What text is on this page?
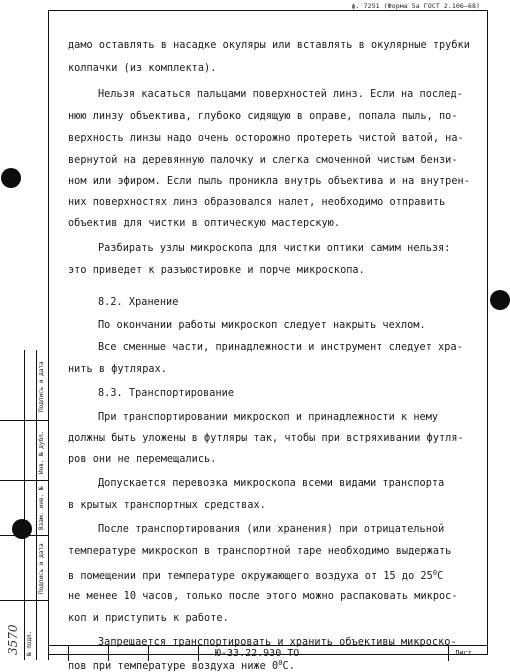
ф. 7251 (Форма 5а ГОСТ 2.106—68)
Подпись и дата
Инв. № дубл.
Взам. инв. №
Подпись и дата
№ подл.
3570
дамо оставлять в насадке окуляры или вставлять в окулярные трубки
колпачки (из комплекта).
Нельзя касаться пальцами поверхностей линз. Если на послед-
нюю линзу объектива, глубоко сидящую в оправе, попала пыль, по-
верхность линзы надо очень осторожно протереть чистой ватой, на-
вернутой на деревянную палочку и слегка смоченной чистым бензи-
ном или эфиром. Если пыль проникла внутрь объектива и на внутрен-
них поверхностях линз образовался налет, необходимо отправить
объектив для чистки в оптическую мастерскую.
Разбирать узлы микроскопа для чистки оптики самим нельзя:
это приведет к разъюстировке и порче микроскопа.
8.2. Хранение
По окончании работы микроскоп следует накрыть чехлом.
Все сменные части, принадлежности и инструмент следует хра-
нить в футлярах.
8.3. Транспортирование
При транспортировании микроскоп и принадлежности к нему
должны быть уложены в футляры так, чтобы при встряхивании футля-
ров они не перемещались.
Допускается перевозка микроскопа всеми видами транспорта
в крытых транспортных средствах.
После транспортирования (или хранения) при отрицательной
температуре микроскоп в транспортной таре необходимо выдержать
в помещении при температуре окружающего воздуха от 15 до $25^0С$
не менее 10 часов, только после этого можно распаковать микрос-
коп и приступить к работе.
Запрещается транспортировать и хранить объективы микроско-
пов при температуре воздуха ниже $0^0С$.
Ю-33.22.930 ТО	Лист
